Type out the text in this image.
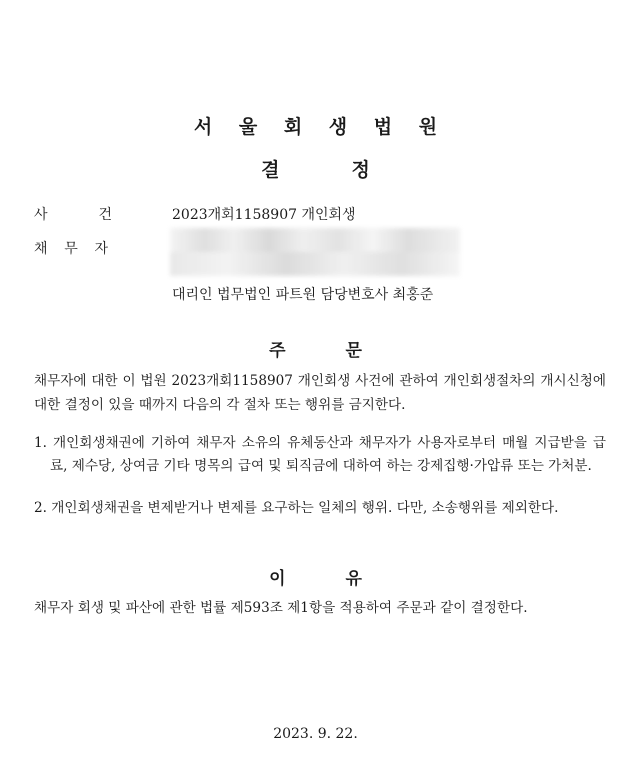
서 울 회 생 법 원
결	정
사	건	2023개회1158907 개인회생
채 무 자
대리인 법무법인 파트원 담당변호사 최홍준
주	문
채무자에 대한 이 법원 2023개회1158907 개인회생 사건에 관하여 개인회생절차의 개시신청에 대한 결정이 있을 때까지 다음의 각 절차 또는 행위를 금지한다.
1. 개인회생채권에 기하여 채무자 소유의 유체동산과 채무자가 사용자로부터 매월 지급받을 급료, 제수당, 상여금 기타 명목의 급여 및 퇴직금에 대하여 하는 강제집행·가압류 또는 가처분.
2. 개인회생채권을 변제받거나 변제를 요구하는 일체의 행위. 다만, 소송행위를 제외한다.
이	유
채무자 회생 및 파산에 관한 법률 제593조 제1항을 적용하여 주문과 같이 결정한다.
2023. 9. 22.
